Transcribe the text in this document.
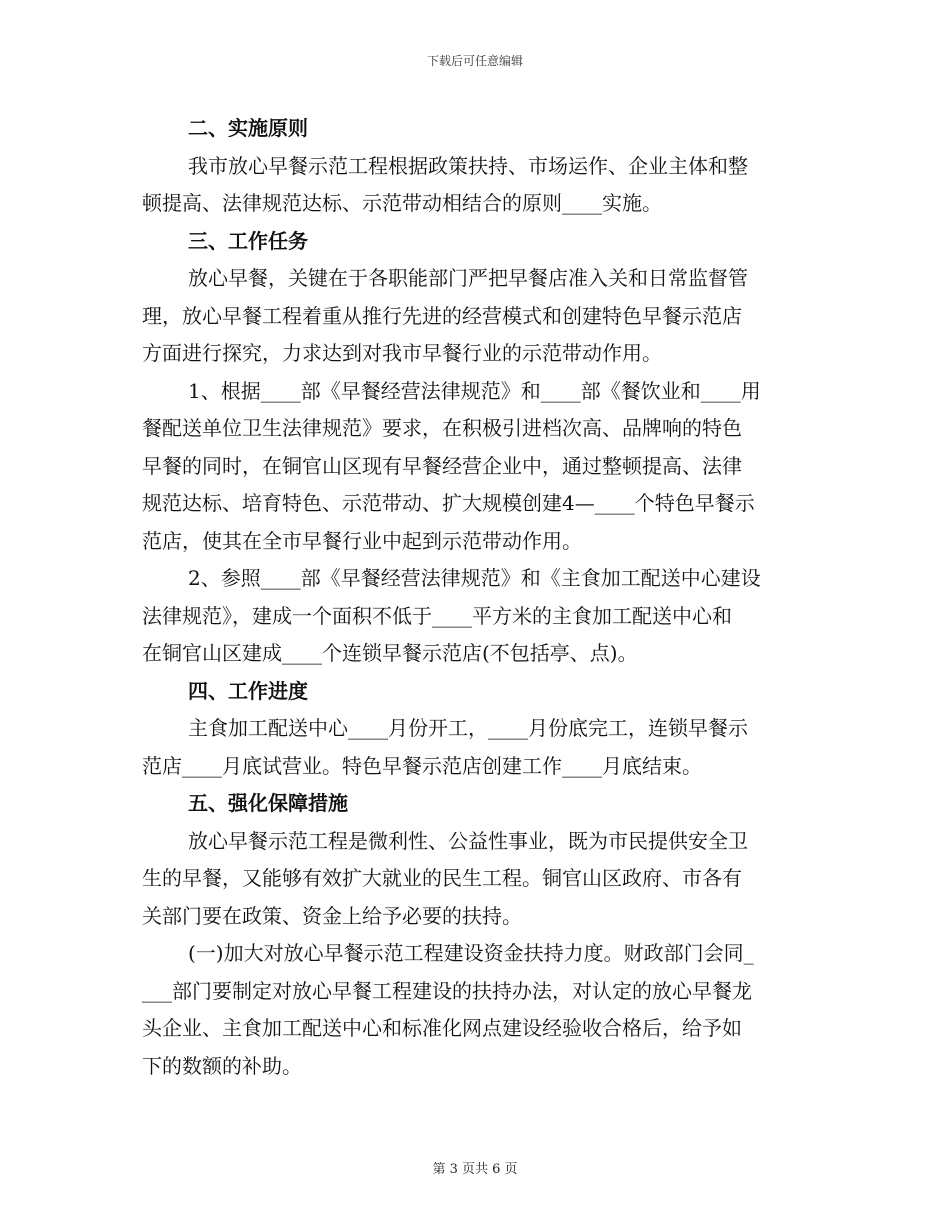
下载后可任意编辑
二、实施原则
我市放心早餐示范工程根据政策扶持、市场运作、企业主体和整
顿提高、法律规范达标、示范带动相结合的原则____实施。
三、工作任务
放心早餐，关键在于各职能部门严把早餐店准入关和日常监督管
理，放心早餐工程着重从推行先进的经营模式和创建特色早餐示范店
方面进行探究，力求达到对我市早餐行业的示范带动作用。
1、根据____部《早餐经营法律规范》和____部《餐饮业和____用
餐配送单位卫生法律规范》要求，在积极引进档次高、品牌响的特色
早餐的同时，在铜官山区现有早餐经营企业中，通过整顿提高、法律
规范达标、培育特色、示范带动、扩大规模创建4—____个特色早餐示
范店，使其在全市早餐行业中起到示范带动作用。
2、参照____部《早餐经营法律规范》和《主食加工配送中心建设
法律规范》，建成一个面积不低于____平方米的主食加工配送中心和
在铜官山区建成____个连锁早餐示范店(不包括亭、点)。
四、工作进度
主食加工配送中心____月份开工，____月份底完工，连锁早餐示
范店____月底试营业。特色早餐示范店创建工作____月底结束。
五、强化保障措施
放心早餐示范工程是微利性、公益性事业，既为市民提供安全卫
生的早餐，又能够有效扩大就业的民生工程。铜官山区政府、市各有
关部门要在政策、资金上给予必要的扶持。
(一)加大对放心早餐示范工程建设资金扶持力度。财政部门会同_
___部门要制定对放心早餐工程建设的扶持办法，对认定的放心早餐龙
头企业、主食加工配送中心和标准化网点建设经验收合格后，给予如
下的数额的补助。
第 3 页共 6 页
